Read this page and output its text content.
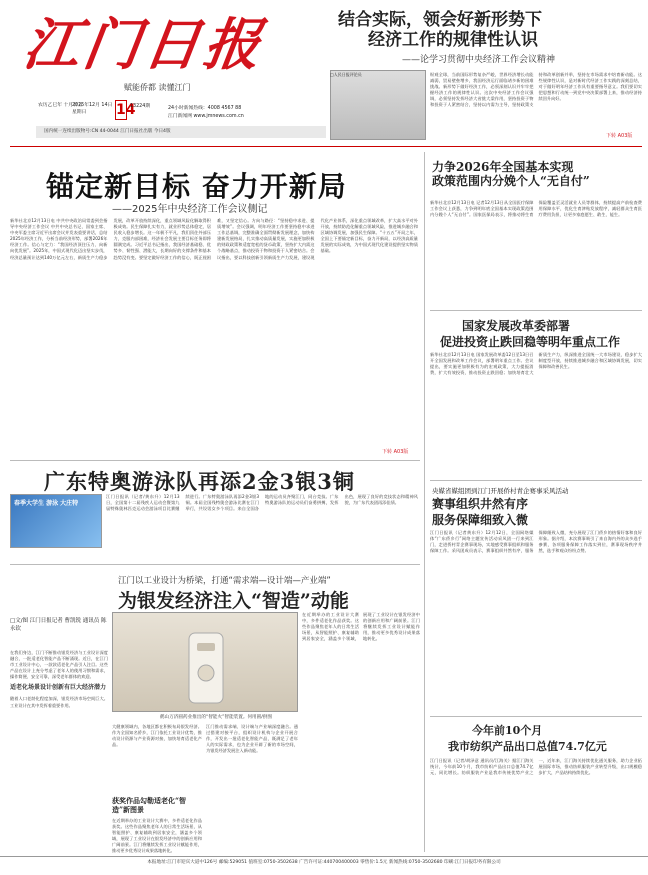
江门日报
赋能侨都 读懂江门
农历乙巳年 十月廿五
2025年12月 14日 星期日	14
13224期	24小时新闻热线：4008 4567 88
江门新闻网 www.jmnews.com.cn
国内统一连续出版物号:CN 44-0044 江门日报社出版 今日4版
结合实际，领会好新形势下
经济工作的规律性认识
——论学习贯彻中央经济工作会议精神
□人民日报评论员	纵观全球，当前国际形势复杂严峻，世界经济增长动能减弱，贸易壁垒增多，我国经济运行面临诸多新的困难挑战。新形势下做好经济工作，必须深刻认识并牢牢把握经济工作的规律性认识。这次中央经济工作会议强调，必须坚持发挥经济大省挑大梁作用，坚持投资于物和投资于人紧密结合，坚持以内需为主导，坚持政策支持和改革创新并举，坚持在市场需求中培育新动能。这些规律性认识，是对新时代经济工作实践的深刻总结，对于做好明年经济工作具有重要指导意义。我们要切实把思想和行动统一到党中央决策部署上来，推动经济持续回升向好。
下转 A03版
锚定新目标 奋力开新局
——2025年中央经济工作会议侧记
新华社北京12月13日电 中共中央政治局常委到会指导中央经济工作会议 中共中央总书记、国家主席、中央军委主席习近平出席会议并发表重要讲话，总结2025年经济工作，分析当前经济形势，部署2026年经济工作。信心与定力：“我国经济顶住压力、向新向优发展”。2025年，中国式现代化迈出坚实步伐，经济总量预计达到140万亿元左右，新质生产力稳步发展，改革开放持续深化，重点领域风险化解取得积极成效。民生保障扎实有力，就业形势总体稳定，居民收入稳步增长。这一年极不平凡，我们顶住外部压力，克服内部困难，经济社会发展主要目标任务即将圆满完成。习近平总书记指出，我国经济基础稳、优势多、韧性强、潜能大，长期向好的支撑条件和基本趋势没有变。要坚定做好经济工作的信心，既正视困难，又坚定信心。方向与路径：“坚持稳中求进、提质增效”。会议强调，明年经济工作要坚持稳中求进工作总基调，完整准确全面贯彻新发展理念，加快构建新发展格局，扎实推动高质量发展，实施更加积极的财政政策和适度宽松的货币政策，坚持扩大内需这个战略基点，推动投资于物和投资于人紧密结合。会议指出，要以科技创新引领新质生产力发展，建设现代化产业体系，深化重点领域改革，扩大高水平对外开放，持续防范化解重点领域风险，推进城乡融合和区域协调发展，加强民生保障。“十五五”开局之年，全国上下要锚定新目标，奋力开新局，以经济高质量发展的实际成效，为中国式现代化建设提供坚实物质基础。
下转 A03版
力争2026年全国基本实现
政策范围内分娩个人“无自付”
新华社北京12月13日电 记者12月13日从全国医疗保障工作会议上获悉，力争到明年底全国基本实现政策范围内分娩个人“无自付”。国家医保局表示，将推动将生育保险覆盖至灵活就业人员等群体，持续提高产前检查费用保障水平，优化生育津贴发放程序，减轻群众生育医疗费用负担，让更多家庭愿生、敢生、能生。
国家发展改革委部署
促进投资止跌回稳等明年重点工作
新华社北京12月13日电 国家发展改革委12日至13日召开全国发展和改革工作会议，部署明年重点工作。会议提出，要实施更加积极有为的宏观政策，大力提振消费，扩大有效投资，推动投资止跌回稳；加快培育壮大新质生产力，纵深推进全国统一大市场建设，稳步扩大制度型开放，持续推进城乡融合和区域协调发展，切实保障和改善民生。
央媒省媒组团到江门开展侨村青企赛事采风活动
赛事组织井然有序
服务保障细致入微
江门日报讯（记者黄东升）12月12日，全国网络媒体“广东侨乡行”网络主题宣传活动采风团一行来到江门，走进侨村青企赛事现场，实地感受赛事组织和服务保障工作。采风团成员表示，赛事组织井然有序，服务保障细致入微，充分展现了江门侨乡的热情好客和良好形象。据介绍，本次赛事吸引了来自海内外的众多选手参赛，各项服务保障工作落实到位，赛事现场秩序井然，选手和观众纷纷点赞。
今年前10个月
我市纺织产品出口总值74.7亿元
江门日报讯（记者/胡泽意 通讯员/江海关）据江门海关统计，今年前10个月，我市纺织产品出口总值74.7亿元，同比增长。纺织服装产业是我市传统优势产业之一，近年来，江门海关持续优化通关服务，助力企业拓展国际市场，推动纺织服装产业转型升级，出口规模稳步扩大，产品结构持续优化。
广东特奥游泳队再添2金3银3铜
春季大学生 游泳 大庄特
江门日报讯（记者/黄东升）12月13日，全国第十二届残疾人运动会暨第九届特殊奥林匹克运动会游泳项目比赛继续进行。广东特奥游泳队再添2金3银3铜。本届全国残特奥会游泳比赛在江门举行，共设男女多个项目。来自全国各地的运动员齐聚江门，同台竞技。广东特奥游泳队的运动员们奋勇拼搏，发挥出色，展现了良好的竞技状态和精神风貌，为广东代表团再添佳绩。
江门以工业设计为桥梁，打通“需求端—设计端—产业端”
为银发经济注入“智造”动能
□文/图 江门日报记者 曹凯锐 通讯员 陈永钦
在我们身边，江门不断推动银发经济与工业设计深度融合，一批适老化智能产品不断涌现。近日，在江门市工业设计中心，一款款适老化产品引人注目。这些产品在设计上充分考虑了老年人的使用习惯和需求，操作简便、安全可靠，深受老年群体的欢迎。
适老化场景设计创新有巨大经济潜力
随着人口老龄化程度加深，银发经济市场空间巨大。工业设计在其中发挥着重要作用。
鹤山万济圆药业推出的“智能火”智能装置。何用圆/供图
大健康领域内，各地区都在积极布局银发经济。作为全国知名侨乡，江门依托工业设计优势，推动设计资源与产业资源对接，加快培育适老化产品。
江门推动需求端、设计端与产业端深度融合。通过搭建对接平台，组织设计机构与企业开展合作，开发出一批适老化智能产品，既满足了老年人的实际需求，也为企业开辟了新的市场空间，为银发经济发展注入新动能。
获奖作品勾勒适老化“智造”新图景
在近期举办的工业设计大赛中，多件适老化作品获奖。这些作品聚焦老年人的日常生活场景，从智能照护、康复辅助到居家安全，涵盖多个领域，展现了工业设计在银发经济中的创新应用和广阔前景。江门将继续发挥工业设计赋能作用，推动更多优秀设计成果落地转化。
在近期举办的工业设计大赛中，多件适老化作品获奖。这些作品聚焦老年人的日常生活场景，从智能照护、康复辅助到居家安全，涵盖多个领域，展现了工业设计在银发经济中的创新应用和广阔前景。江门将继续发挥工业设计赋能作用，推动更多优秀设计成果落地转化。
本报地址:江门市迎宾大道中126号 邮编:529051 值班室:0750-3502638 广告许可证:440700400003 零售价:1.5元 新闻热线:0750-3502680 印刷:江门日报印务有限公司
